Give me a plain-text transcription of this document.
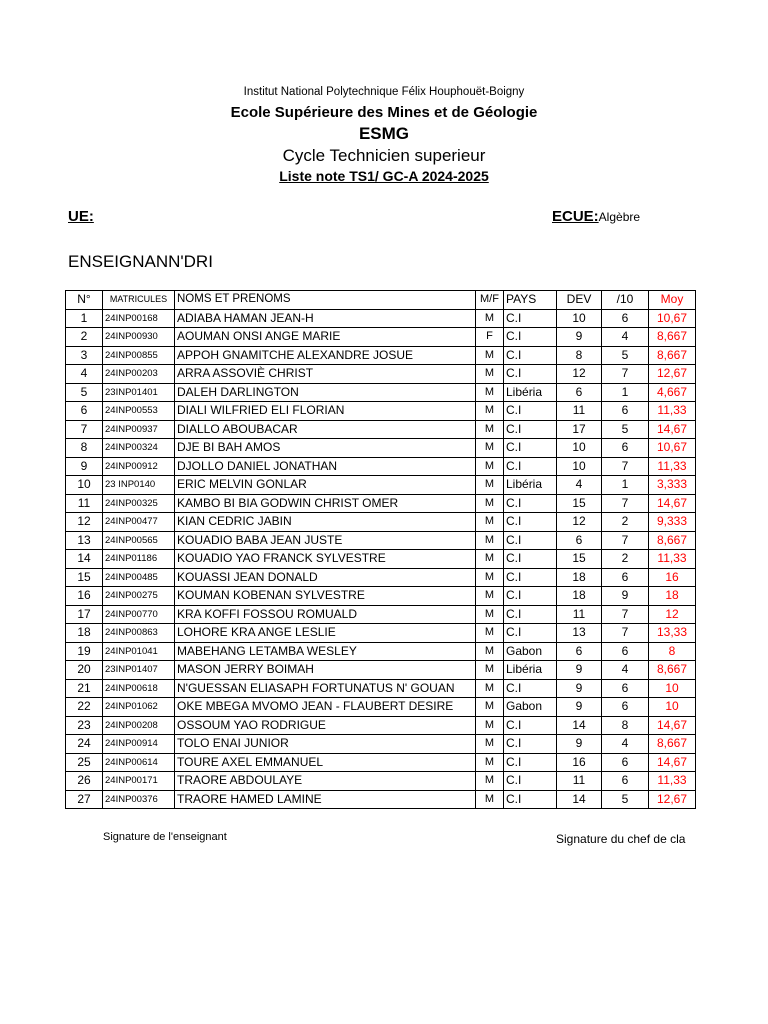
Institut National Polytechnique Félix Houphouët-Boigny
Ecole Supérieure des Mines et de Géologie
ESMG
Cycle Technicien superieur
Liste note TS1/ GC-A 2024-2025
UE:	ECUE:Algèbre
ENSEIGNANN'DRI
N°	MATRICULES	NOMS ET PRENOMS	M/F	PAYS	DEV	/10	Moy
1	24INP00168	ADIABA HAMAN JEAN-H	M	C.I	10	6	10,67
2	24INP00930	AOUMAN ONSI ANGE MARIE	F	C.I	9	4	8,667
3	24INP00855	APPOH GNAMITCHE ALEXANDRE JOSUE	M	C.I	8	5	8,667
4	24INP00203	ARRA ASSOVIÈ CHRIST	M	C.I	12	7	12,67
5	23INP01401	DALEH DARLINGTON	M	Libéria	6	1	4,667
6	24INP00553	DIALI WILFRIED ELI FLORIAN	M	C.I	11	6	11,33
7	24INP00937	DIALLO ABOUBACAR	M	C.I	17	5	14,67
8	24INP00324	DJE BI BAH AMOS	M	C.I	10	6	10,67
9	24INP00912	DJOLLO DANIEL JONATHAN	M	C.I	10	7	11,33
10	23 INP0140	ERIC MELVIN GONLAR	M	Libéria	4	1	3,333
11	24INP00325	KAMBO BI BIA GODWIN CHRIST OMER	M	C.I	15	7	14,67
12	24INP00477	KIAN CEDRIC JABIN	M	C.I	12	2	9,333
13	24INP00565	KOUADIO BABA JEAN JUSTE	M	C.I	6	7	8,667
14	24INP01186	KOUADIO YAO FRANCK SYLVESTRE	M	C.I	15	2	11,33
15	24INP00485	KOUASSI JEAN DONALD	M	C.I	18	6	16
16	24INP00275	KOUMAN KOBENAN SYLVESTRE	M	C.I	18	9	18
17	24INP00770	KRA KOFFI FOSSOU ROMUALD	M	C.I	11	7	12
18	24INP00863	LOHORE KRA ANGE LESLIE	M	C.I	13	7	13,33
19	24INP01041	MABEHANG LETAMBA WESLEY	M	Gabon	6	6	8
20	23INP01407	MASON JERRY BOIMAH	M	Libéria	9	4	8,667
21	24INP00618	N'GUESSAN ELIASAPH FORTUNATUS N' GOUAN	M	C.I	9	6	10
22	24INP01062	OKE MBEGA MVOMO JEAN - FLAUBERT DESIRE	M	Gabon	9	6	10
23	24INP00208	OSSOUM YAO RODRIGUE	M	C.I	14	8	14,67
24	24INP00914	TOLO ENAI JUNIOR	M	C.I	9	4	8,667
25	24INP00614	TOURE AXEL EMMANUEL	M	C.I	16	6	14,67
26	24INP00171	TRAORE ABDOULAYE	M	C.I	11	6	11,33
27	24INP00376	TRAORE HAMED LAMINE	M	C.I	14	5	12,67
Signature de l'enseignant	Signature du chef de cla
